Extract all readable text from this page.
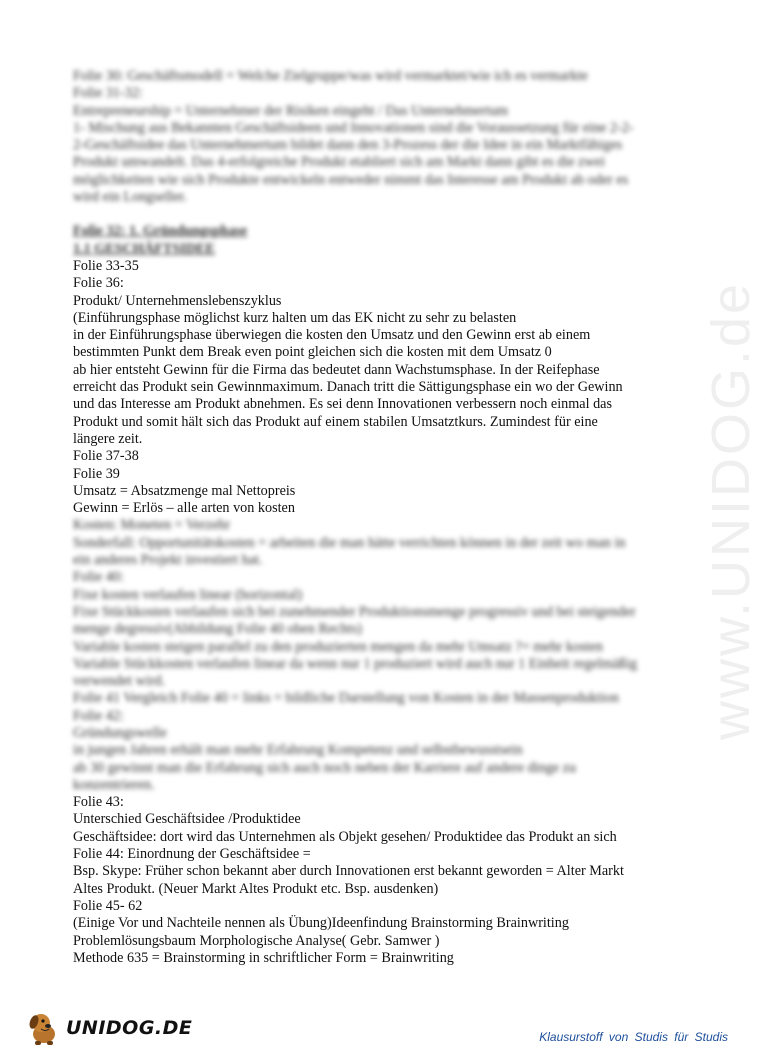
Folie 30: Geschäftsmodell = Welche Zielgruppe/was wird vermarktet/wie ich es vermarkte
Folie 31-32:
Entrepreneurship = Unternehmer der Risiken eingeht / Das Unternehmertum
1- Mischung aus Bekannten Geschäftsideen und Innovationen sind die Voraussetzung für eine 2-2-
2-Geschäftsidee das Unternehmertum bildet dann den 3-Prozess der die Idee in ein Marktfähiges
Produkt umwandelt. Das 4-erfolgreiche Produkt etabliert sich am Markt dann gibt es die zwei
möglichkeiten wie sich Produkte entwickeln entweder nimmt das Interesse am Produkt ab oder es
wird ein Longseller.
Folie 32: 1. Gründungsphase
1.1 GESCHÄFTSIDEE
Folie 33-35
Folie 36:
Produkt/ Unternehmenslebenszyklus
(Einführungsphase möglichst kurz halten um das EK nicht zu sehr zu belasten
in der Einführungsphase überwiegen die kosten den Umsatz und den Gewinn erst ab einem
bestimmten Punkt dem Break even point gleichen sich die kosten mit dem Umsatz 0
ab hier entsteht Gewinn für die Firma das bedeutet dann Wachstumsphase. In der Reifephase
erreicht das Produkt sein Gewinnmaximum. Danach tritt die Sättigungsphase ein wo der Gewinn
und das Interesse am Produkt abnehmen. Es sei denn Innovationen verbessern noch einmal das
Produkt und somit hält sich das Produkt auf einem stabilen Umsatztkurs. Zumindest für eine
längere zeit.
Folie 37-38
Folie 39
Umsatz = Absatzmenge mal Nettopreis
Gewinn = Erlös – alle arten von kosten
Kosten: Moneten = Verzehr
Sonderfall: Opportunitätskosten = arbeiten die man hätte verrichten können in der zeit wo man in
ein anderes Projekt investiert hat.
Folie 40:
Fixe kosten verlaufen linear (horizontal)
Fixe Stückkosten verlaufen sich bei zunehmender Produktionsmenge progressiv und bei steigender
menge degressiv(Abbildung Folie 40 oben Rechts)
Variable kosten steigen parallel zu den produzierten mengen da mehr Umsatz ?= mehr kosten
Variable Stückkosten verlaufen linear da wenn nur 1 produziert wird auch nur 1 Einheit regelmäßig
verwendet wird.
Folie 41 Vergleich Folie 40 = links = bildliche Darstellung von Kosten in der Massenproduktion
Folie 42:
Gründungswelle
in jungen Jahren erhält man mehr Erfahrung Kompetenz und selbstbewusstsein
ab 30 gewinnt man die Erfahrung sich auch noch neben der Karriere auf andere dinge zu
konzentrieren.
Folie 43:
Unterschied Geschäftsidee /Produktidee
Geschäftsidee: dort wird das Unternehmen als Objekt gesehen/ Produktidee das Produkt an sich
Folie 44: Einordnung der Geschäftsidee =
Bsp. Skype: Früher schon bekannt aber durch Innovationen erst bekannt geworden = Alter Markt
Altes Produkt. (Neuer Markt Altes Produkt etc. Bsp. ausdenken)
Folie 45- 62
(Einige Vor und Nachteile nennen als Übung)Ideenfindung Brainstorming Brainwriting
Problemlösungsbaum Morphologische Analyse( Gebr. Samwer )
Methode 635 = Brainstorming in schriftlicher Form = Brainwriting
www.UNIDOG.de
UNIDOG.DE	Klausurstoff von Studis für Studis
